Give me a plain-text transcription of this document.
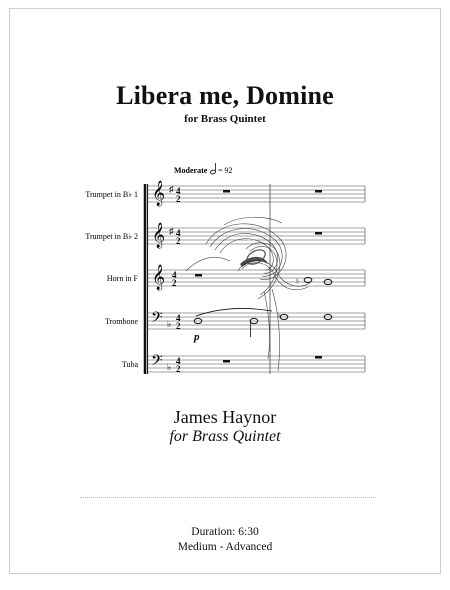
Libera me, Domine
for Brass Quintet
Moderate = 92
Trumpet in B♭ 1
Trumpet in B♭ 2
Horn in F
Trombone
Tuba
𝄞
𝄞
𝄞
𝄢
𝄢
♯
♯
♭
♭
4
2
4
2
4
2
4
2
4
2
♮
♮
p
James Haynor
for Brass Quintet
Duration: 6:30
Medium - Advanced
